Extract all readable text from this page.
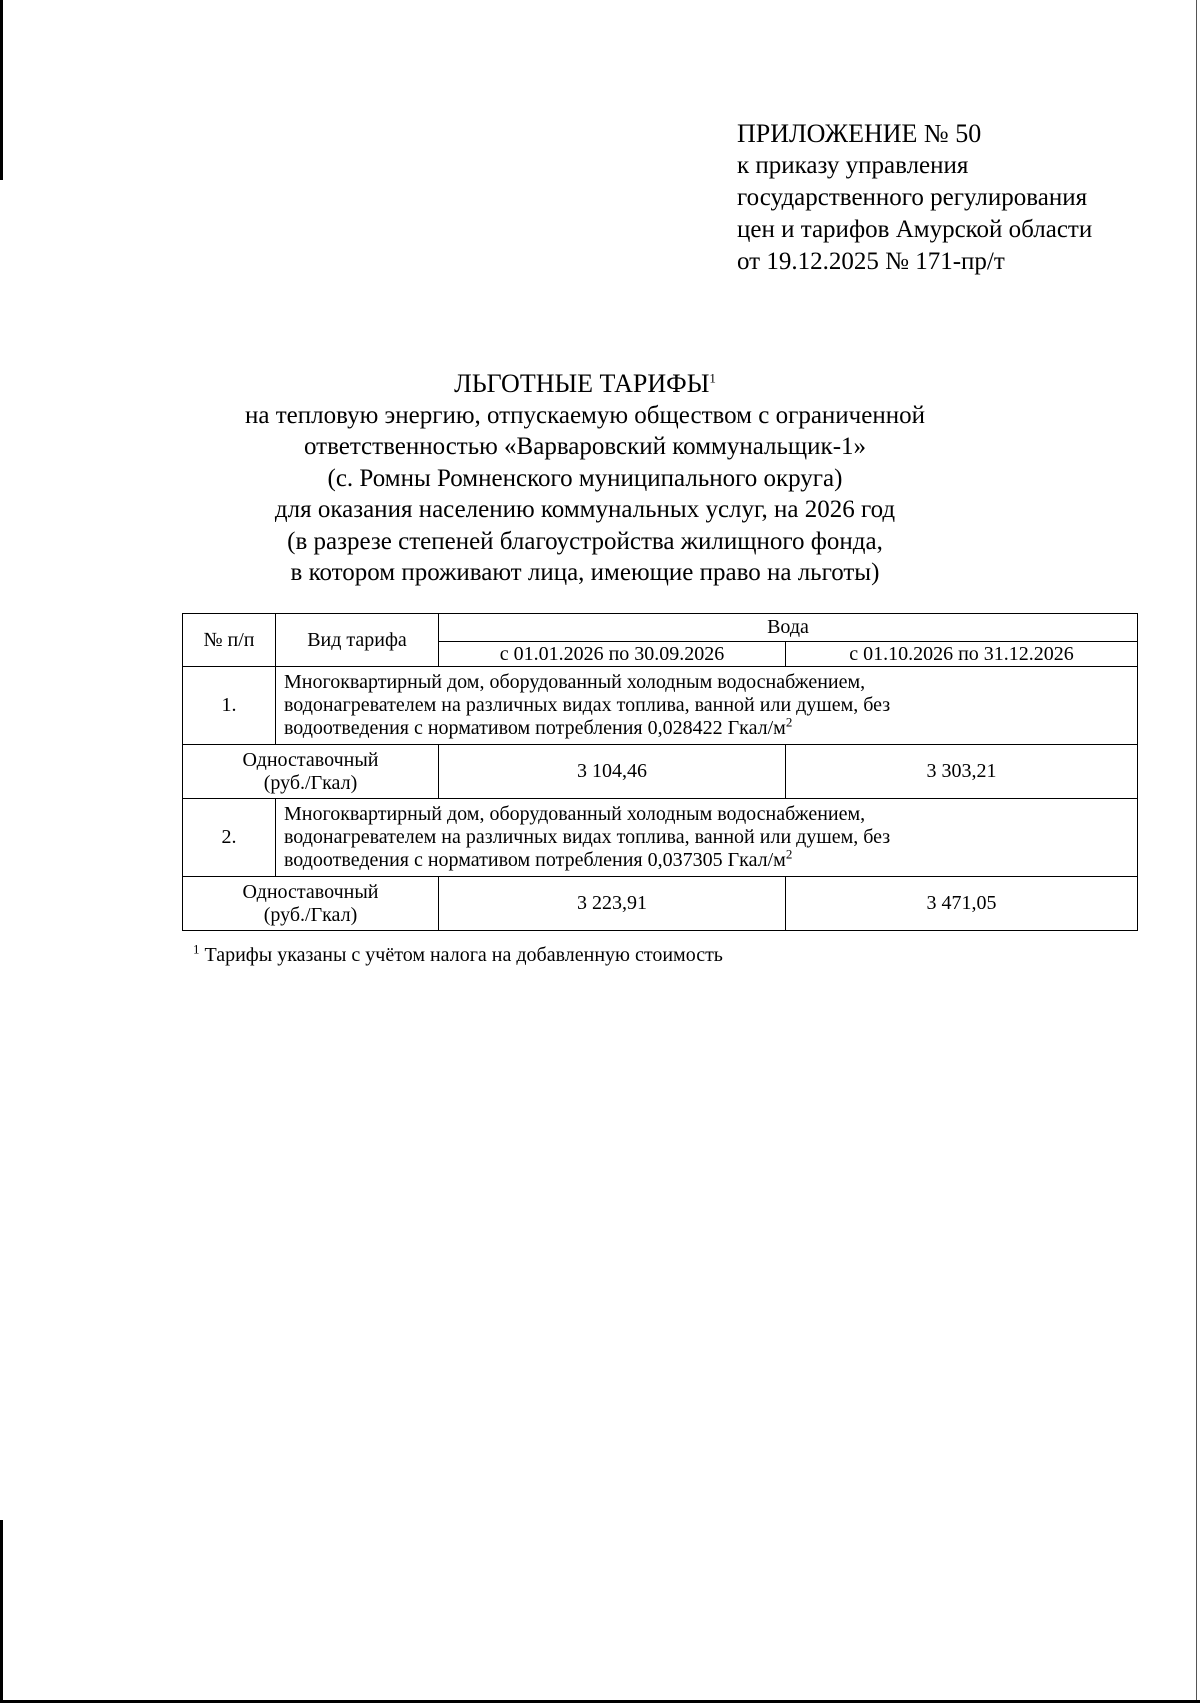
ПРИЛОЖЕНИЕ № 50
к приказу управления
государственного регулирования
цен и тарифов Амурской области
от 19.12.2025 № 171-пр/т
ЛЬГОТНЫЕ ТАРИФЫ$^1$
на тепловую энергию, отпускаемую обществом с ограниченной
ответственностью «Варваровский коммунальщик-1»
(с. Ромны Ромненского муниципального округа)
для оказания населению коммунальных услуг, на 2026 год
(в разрезе степеней благоустройства жилищного фонда,
в котором проживают лица, имеющие право на льготы)
№ п/п	Вид тарифа	Вода	
		с 01.01.2026 по 30.09.2026	с 01.10.2026 по 31.12.2026
1.	Многоквартирный дом, оборудованный холодным водоснабжением,
водонагревателем на различных видах топлива, ванной или душем, без
водоотведения с нормативом потребления 0,028422 Гкал/$м^2$

Одноставочный
(руб./Гкал)		3 104,46	3 303,21
2.	Многоквартирный дом, оборудованный холодным водоснабжением,
водонагревателем на различных видах топлива, ванной или душем, без
водоотведения с нормативом потребления 0,037305 Гкал/$м^2$

Одноставочный
(руб./Гкал)		3 223,91	3 471,05
$^1$ Тарифы указаны с учётом налога на добавленную стоимость
